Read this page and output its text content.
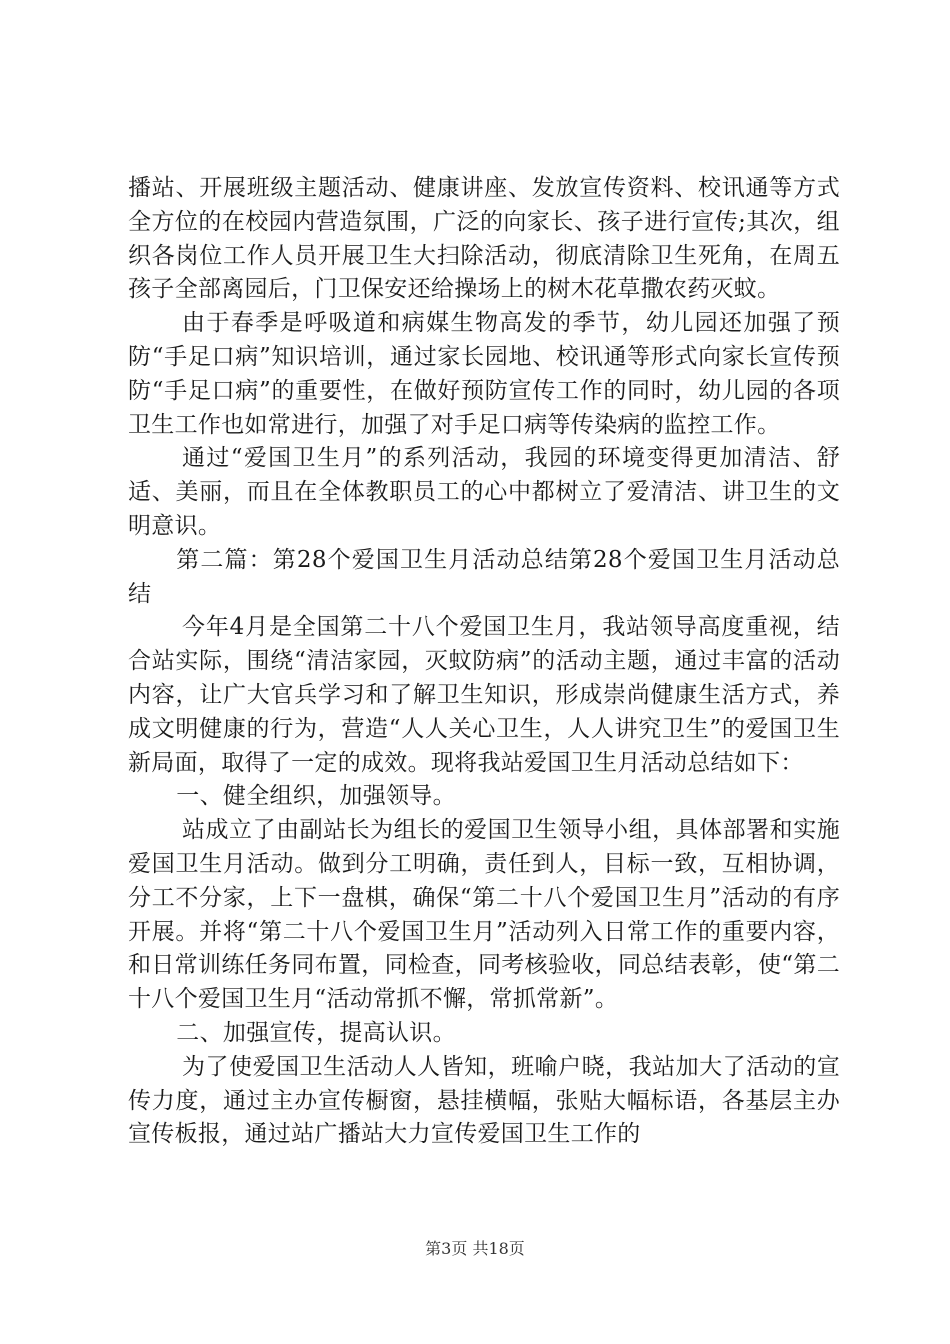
播站、开展班级主题活动、健康讲座、发放宣传资料、校讯通等方式全方位的在校园内营造氛围，广泛的向家长、孩子进行宣传;其次，组织各岗位工作人员开展卫生大扫除活动，彻底清除卫生死角，在周五孩子全部离园后，门卫保安还给操场上的树木花草撒农药灭蚊。

由于春季是呼吸道和病媒生物高发的季节，幼儿园还加强了预防“手足口病”知识培训，通过家长园地、校讯通等形式向家长宣传预防“手足口病”的重要性，在做好预防宣传工作的同时，幼儿园的各项卫生工作也如常进行，加强了对手足口病等传染病的监控工作。

通过“爱国卫生月”的系列活动，我园的环境变得更加清洁、舒适、美丽，而且在全体教职员工的心中都树立了爱清洁、讲卫生的文明意识。

第二篇：第28个爱国卫生月活动总结第28个爱国卫生月活动总结

今年4月是全国第二十八个爱国卫生月，我站领导高度重视，结合站实际，围绕“清洁家园，灭蚊防病”的活动主题，通过丰富的活动内容，让广大官兵学习和了解卫生知识，形成崇尚健康生活方式，养成文明健康的行为，营造“人人关心卫生，人人讲究卫生”的爱国卫生新局面，取得了一定的成效。现将我站爱国卫生月活动总结如下：

一、健全组织，加强领导。

站成立了由副站长为组长的爱国卫生领导小组，具体部署和实施爱国卫生月活动。做到分工明确，责任到人，目标一致，互相协调，分工不分家，上下一盘棋，确保“第二十八个爱国卫生月”活动的有序开展。并将“第二十八个爱国卫生月”活动列入日常工作的重要内容，和日常训练任务同布置，同检查，同考核验收，同总结表彰，使“第二十八个爱国卫生月“活动常抓不懈，常抓常新”。

二、加强宣传，提高认识。

为了使爱国卫生活动人人皆知，班喻户晓，我站加大了活动的宣传力度，通过主办宣传橱窗，悬挂横幅，张贴大幅标语，各基层主办宣传板报，通过站广播站大力宣传爱国卫生工作的

第3页 共18页
